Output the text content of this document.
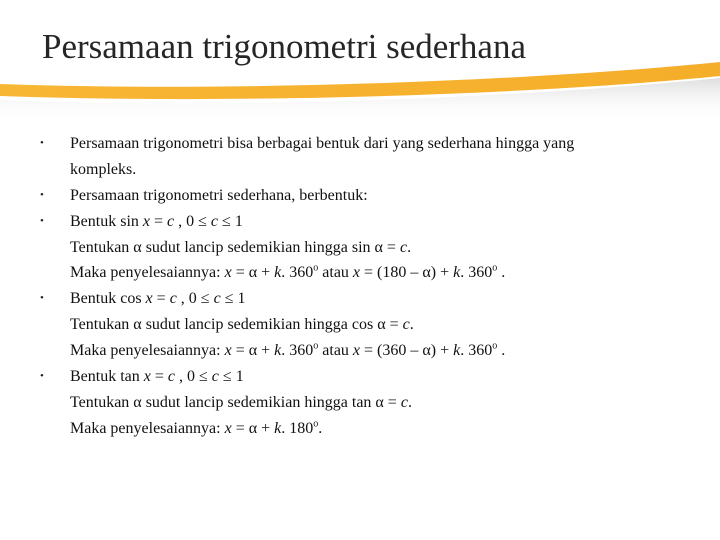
Persamaan trigonometri sederhana
•	Persamaan trigonometri bisa berbagai bentuk dari yang sederhana hingga yang
kompleks.
•	Persamaan trigonometri sederhana, berbentuk:
•	Bentuk sin x = c , 0 ≤ c ≤ 1
Tentukan α sudut lancip sedemikian hingga sin α = c.
Maka penyelesaiannya: x = α + k. 360$^o$ atau x = (180 – α) + k. 360$^o$ .
•	Bentuk cos x = c , 0 ≤ c ≤ 1
Tentukan α sudut lancip sedemikian hingga cos α = c.
Maka penyelesaiannya: x = α + k. 360$^o$ atau x = (360 – α) + k. 360$^o$ .
•	Bentuk tan x = c , 0 ≤ c ≤ 1
Tentukan α sudut lancip sedemikian hingga tan α = c.
Maka penyelesaiannya: x = α + k. 180$^o$.
